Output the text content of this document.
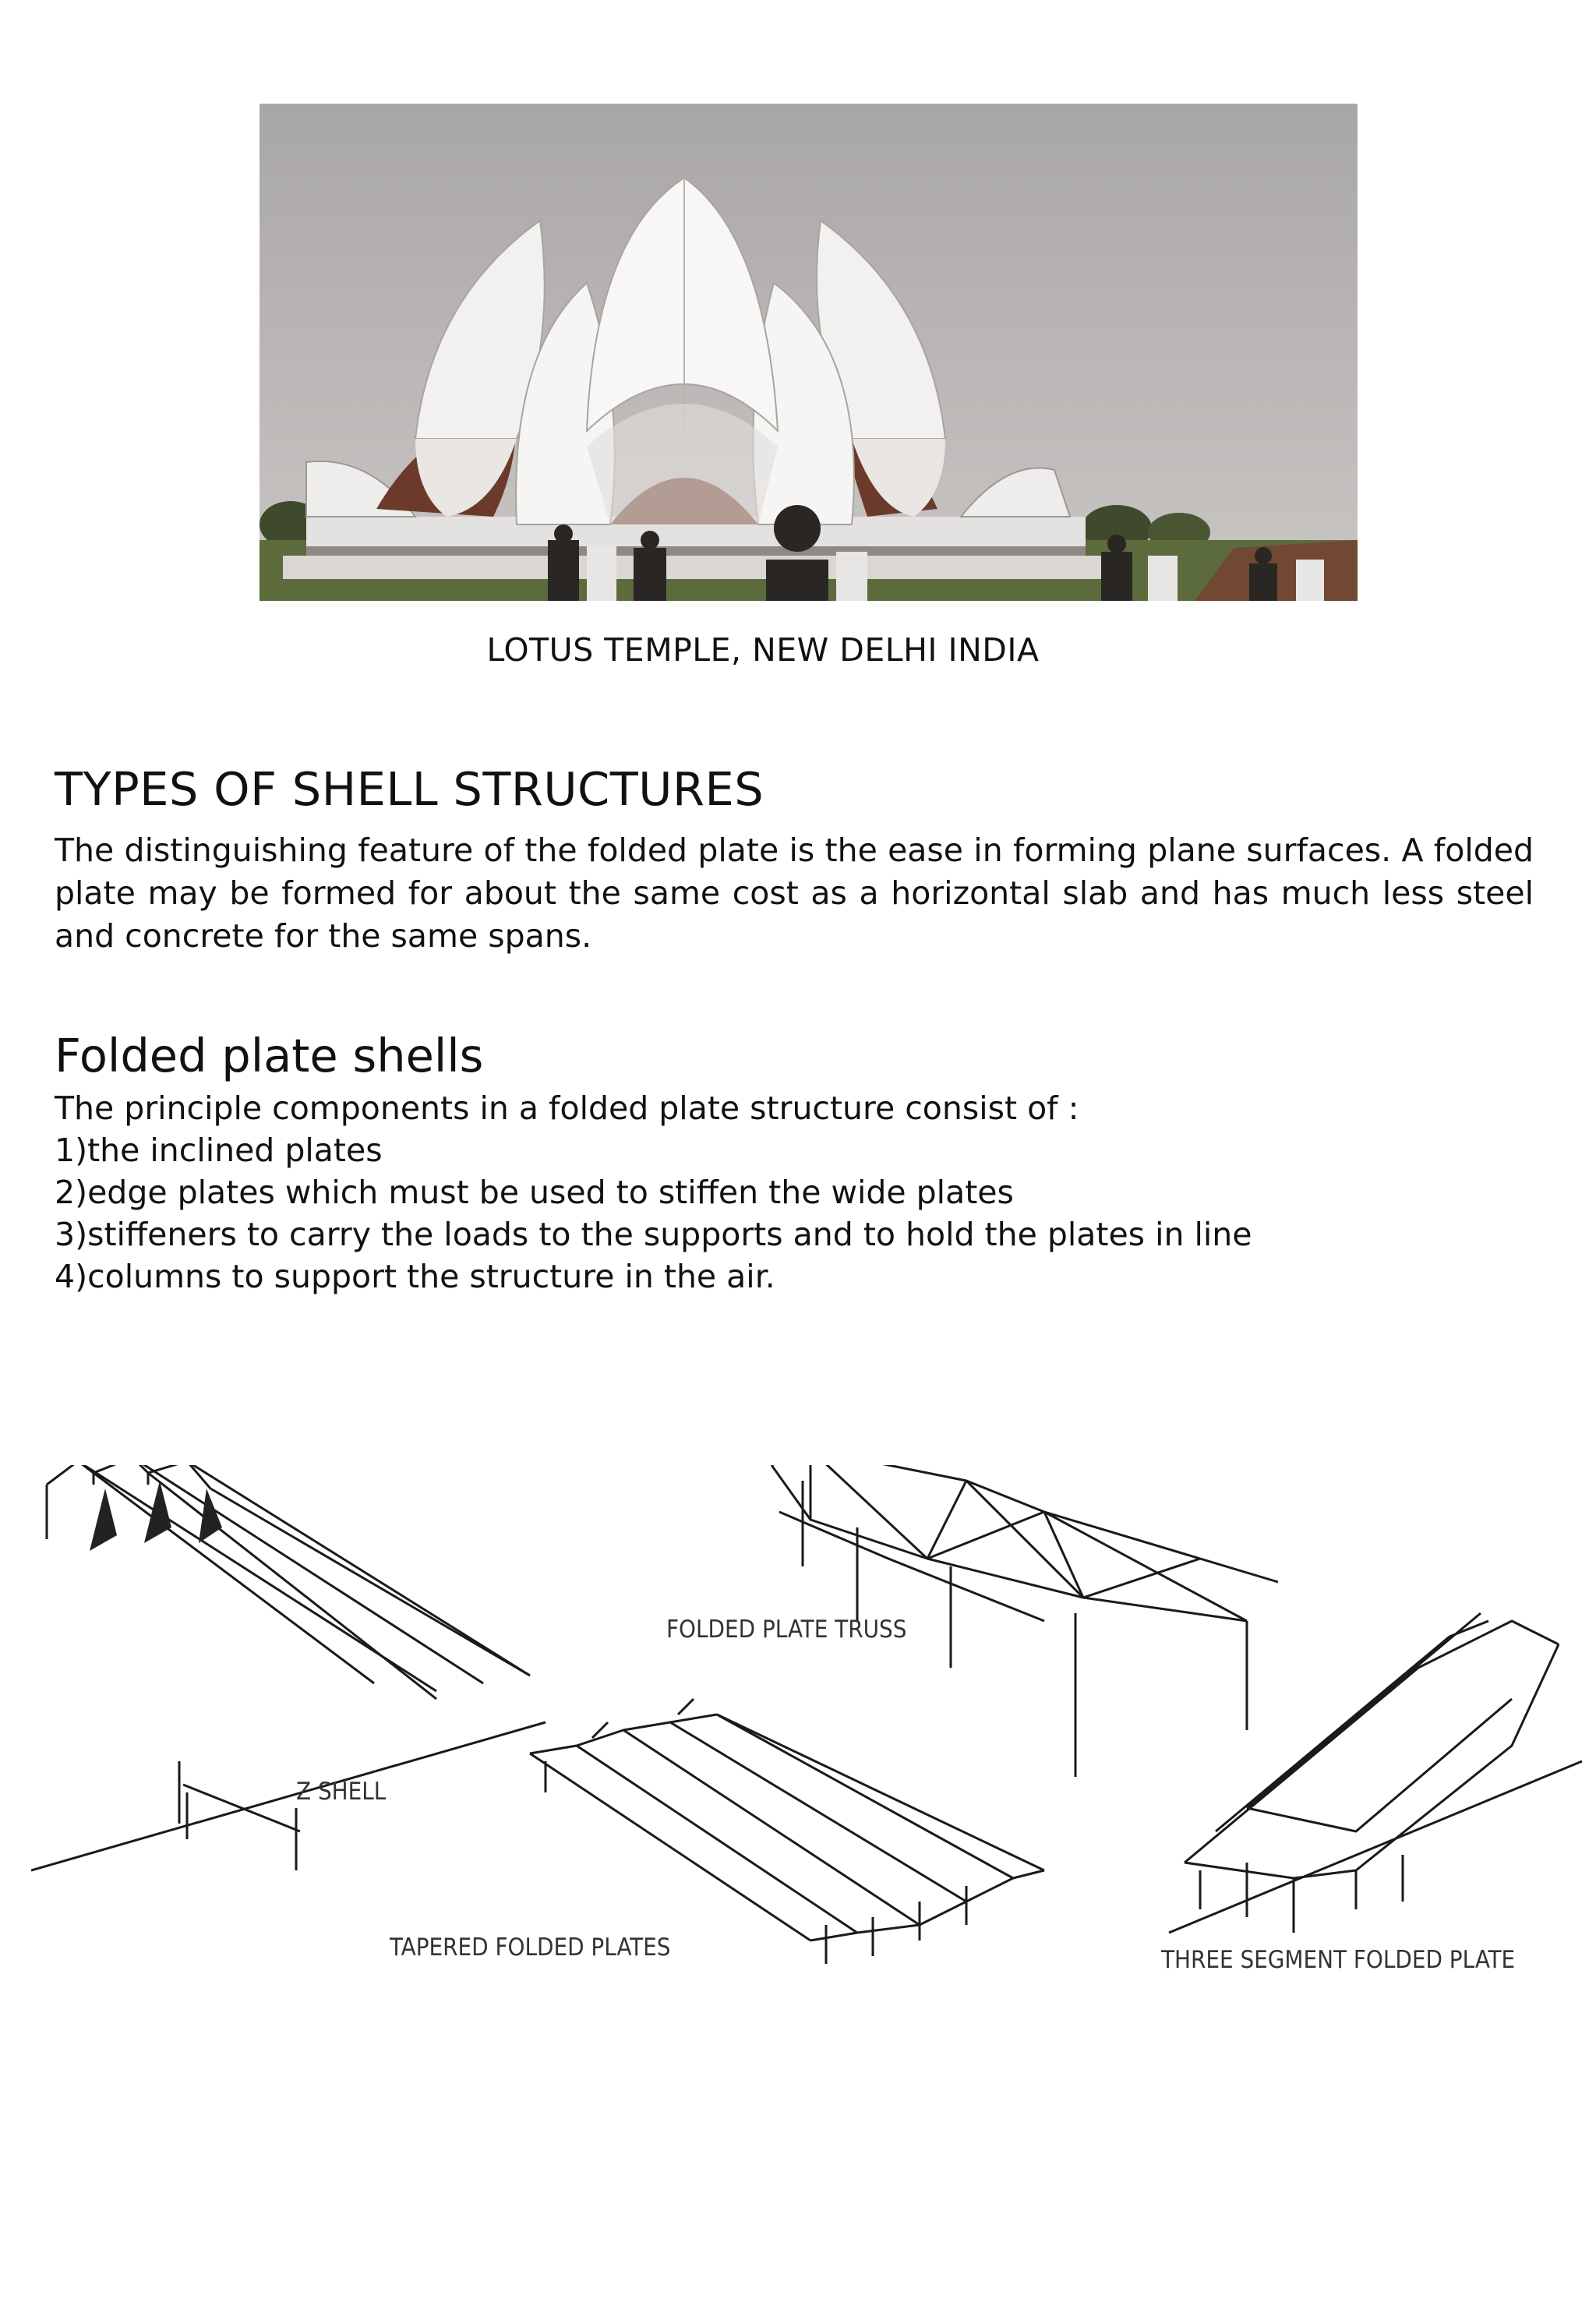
LOTUS TEMPLE, NEW DELHI INDIA
TYPES OF SHELL STRUCTURES
The distinguishing feature of the folded plate is the ease in forming plane surfaces. A folded plate may be formed for about the same cost as a horizontal slab and has much less steel and concrete for the same spans.
Folded plate shells
The principle components in a folded plate structure consist of :
1)the inclined plates
2)edge plates which must be used to stiffen the wide plates
3)stiffeners to carry the loads to the supports and to hold the plates in line
4)columns to support the structure in the air.
Z SHELL
FOLDED PLATE TRUSS
TAPERED FOLDED PLATES	THREE SEGMENT FOLDED PLATE
